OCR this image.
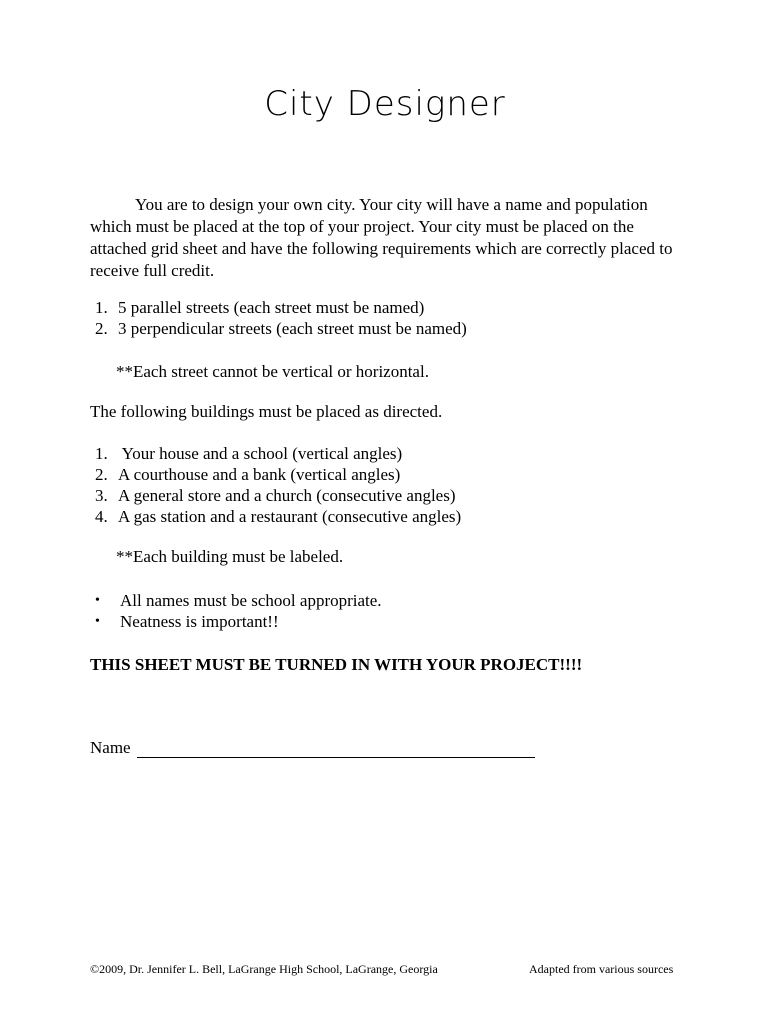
City Designer

You are to design your own city. Your city will have a name and population which must be placed at the top of your project. Your city must be placed on the attached grid sheet and have the following requirements which are correctly placed to receive full credit.

1. 5 parallel streets (each street must be named)
2. 3 perpendicular streets (each street must be named)

**Each street cannot be vertical or horizontal.

The following buildings must be placed as directed.

1. Your house and a school (vertical angles)
2. A courthouse and a bank (vertical angles)
3. A general store and a church (consecutive angles)
4. A gas station and a restaurant (consecutive angles)

**Each building must be labeled.

•	All names must be school appropriate.
•	Neatness is important!!

THIS SHEET MUST BE TURNED IN WITH YOUR PROJECT!!!!

Name
©2009, Dr. Jennifer L. Bell, LaGrange High School, LaGrange, Georgia	Adapted from various sources
